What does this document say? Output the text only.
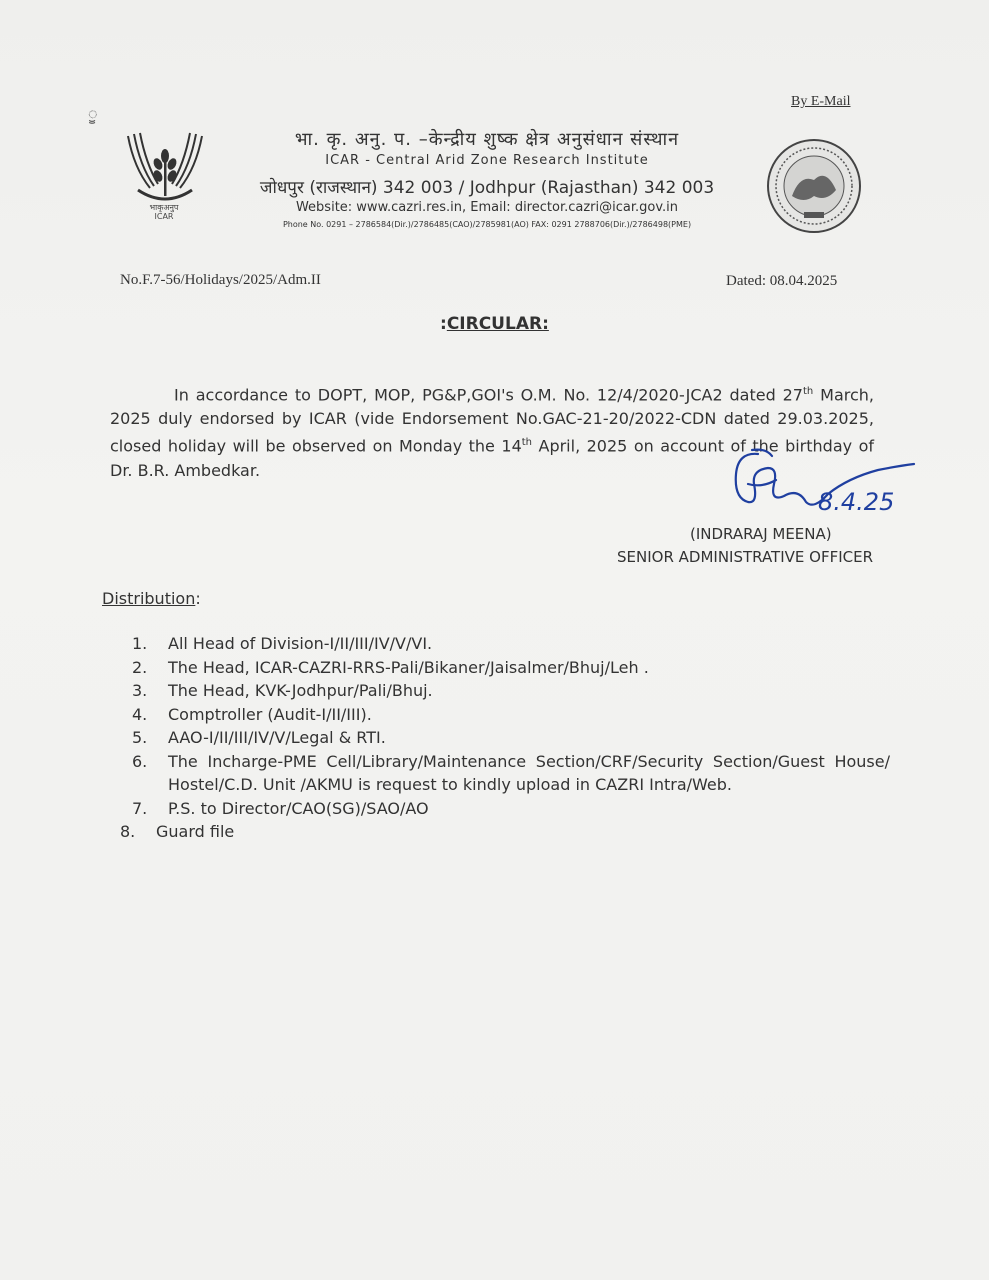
By E-Mail
ॗ
भाकृअनुप
ICAR
भा. कृ. अनु. प. –केन्द्रीय शुष्क क्षेत्र अनुसंधान संस्थान
ICAR - Central Arid Zone Research Institute
जोधपुर (राजस्थान) 342 003 / Jodhpur (Rajasthan) 342 003
Website: www.cazri.res.in, Email: director.cazri@icar.gov.in
Phone No. 0291 – 2786584(Dir.)/2786485(CAO)/2785981(AO) FAX: 0291 2788706(Dir.)/2786498(PME)
No.F.7-56/Holidays/2025/Adm.II	Dated: 08.04.2025
:CIRCULAR:
In accordance to DOPT, MOP, PG&P,GOI's O.M. No. 12/4/2020-JCA2 dated 27th March, 2025 duly endorsed by ICAR (vide Endorsement No.GAC-21-20/2022-CDN dated 29.03.2025, closed holiday will be observed on Monday the 14th April, 2025 on account of the birthday of Dr. B.R. Ambedkar.
8.4.25
(INDRARAJ MEENA)
SENIOR ADMINISTRATIVE OFFICER
Distribution:
1.	All Head of Division-I/II/III/IV/V/VI.
2.	The Head, ICAR-CAZRI-RRS-Pali/Bikaner/Jaisalmer/Bhuj/Leh .
3.	The Head, KVK-Jodhpur/Pali/Bhuj.
4.	Comptroller (Audit-I/II/III).
5.	AAO-I/II/III/IV/V/Legal & RTI.
6.	The Incharge-PME Cell/Library/Maintenance Section/CRF/Security Section/Guest House/ Hostel/C.D. Unit /AKMU is request to kindly upload in CAZRI Intra/Web.
7.	P.S. to Director/CAO(SG)/SAO/AO
8.	Guard file
